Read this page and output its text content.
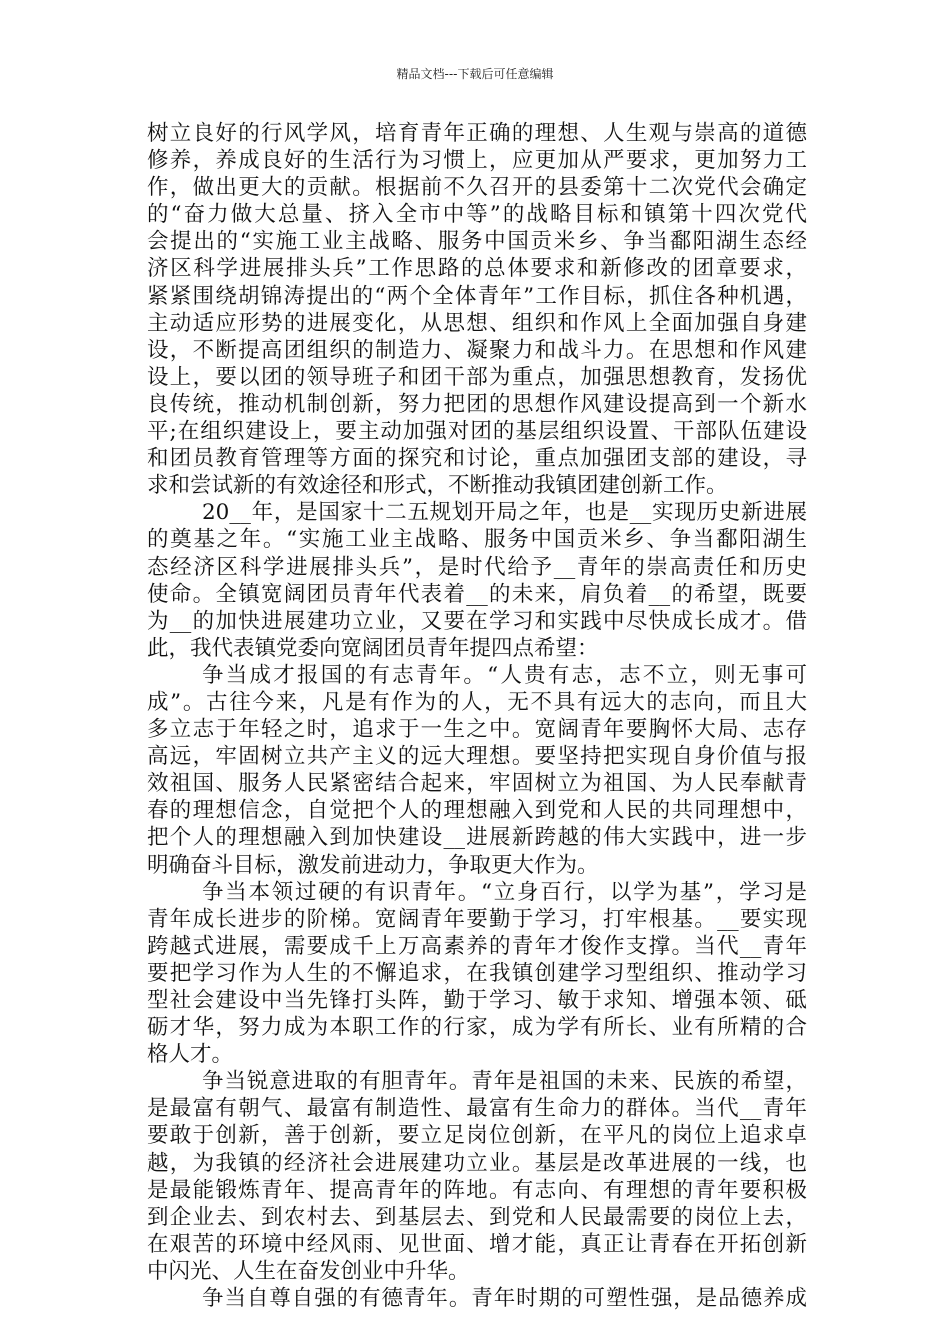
精品文档---下载后可任意编辑
树立良好的行风学风，培育青年正确的理想、人生观与崇高的道德
修养，养成良好的生活行为习惯上，应更加从严要求，更加努力工
作，做出更大的贡献。根据前不久召开的县委第十二次党代会确定
的“奋力做大总量、挤入全市中等”的战略目标和镇第十四次党代
会提出的“实施工业主战略、服务中国贡米乡、争当鄱阳湖生态经
济区科学进展排头兵”工作思路的总体要求和新修改的团章要求，
紧紧围绕胡锦涛提出的“两个全体青年”工作目标，抓住各种机遇，
主动适应形势的进展变化，从思想、组织和作风上全面加强自身建
设，不断提高团组织的制造力、凝聚力和战斗力。在思想和作风建
设上，要以团的领导班子和团干部为重点，加强思想教育，发扬优
良传统，推动机制创新，努力把团的思想作风建设提高到一个新水
平;在组织建设上，要主动加强对团的基层组织设置、干部队伍建设
和团员教育管理等方面的探究和讨论，重点加强团支部的建设，寻
求和尝试新的有效途径和形式，不断推动我镇团建创新工作。
20__年，是国家十二五规划开局之年，也是__实现历史新进展
的奠基之年。“实施工业主战略、服务中国贡米乡、争当鄱阳湖生
态经济区科学进展排头兵”，是时代给予__青年的崇高责任和历史
使命。全镇宽阔团员青年代表着__的未来，肩负着__的希望，既要
为__的加快进展建功立业，又要在学习和实践中尽快成长成才。借
此，我代表镇党委向宽阔团员青年提四点希望：
争当成才报国的有志青年。“人贵有志，志不立，则无事可
成”。古往今来，凡是有作为的人，无不具有远大的志向，而且大
多立志于年轻之时，追求于一生之中。宽阔青年要胸怀大局、志存
高远，牢固树立共产主义的远大理想。要坚持把实现自身价值与报
效祖国、服务人民紧密结合起来，牢固树立为祖国、为人民奉献青
春的理想信念，自觉把个人的理想融入到党和人民的共同理想中，
把个人的理想融入到加快建设__进展新跨越的伟大实践中，进一步
明确奋斗目标，激发前进动力，争取更大作为。
争当本领过硬的有识青年。“立身百行，以学为基”，学习是
青年成长进步的阶梯。宽阔青年要勤于学习，打牢根基。__要实现
跨越式进展，需要成千上万高素养的青年才俊作支撑。当代__青年
要把学习作为人生的不懈追求，在我镇创建学习型组织、推动学习
型社会建设中当先锋打头阵，勤于学习、敏于求知、增强本领、砥
砺才华，努力成为本职工作的行家，成为学有所长、业有所精的合
格人才。
争当锐意进取的有胆青年。青年是祖国的未来、民族的希望，
是最富有朝气、最富有制造性、最富有生命力的群体。当代__青年
要敢于创新，善于创新，要立足岗位创新，在平凡的岗位上追求卓
越，为我镇的经济社会进展建功立业。基层是改革进展的一线，也
是最能锻炼青年、提高青年的阵地。有志向、有理想的青年要积极
到企业去、到农村去、到基层去、到党和人民最需要的岗位上去，
在艰苦的环境中经风雨、见世面、增才能，真正让青春在开拓创新
中闪光、人生在奋发创业中升华。
争当自尊自强的有德青年。青年时期的可塑性强，是品德养成
